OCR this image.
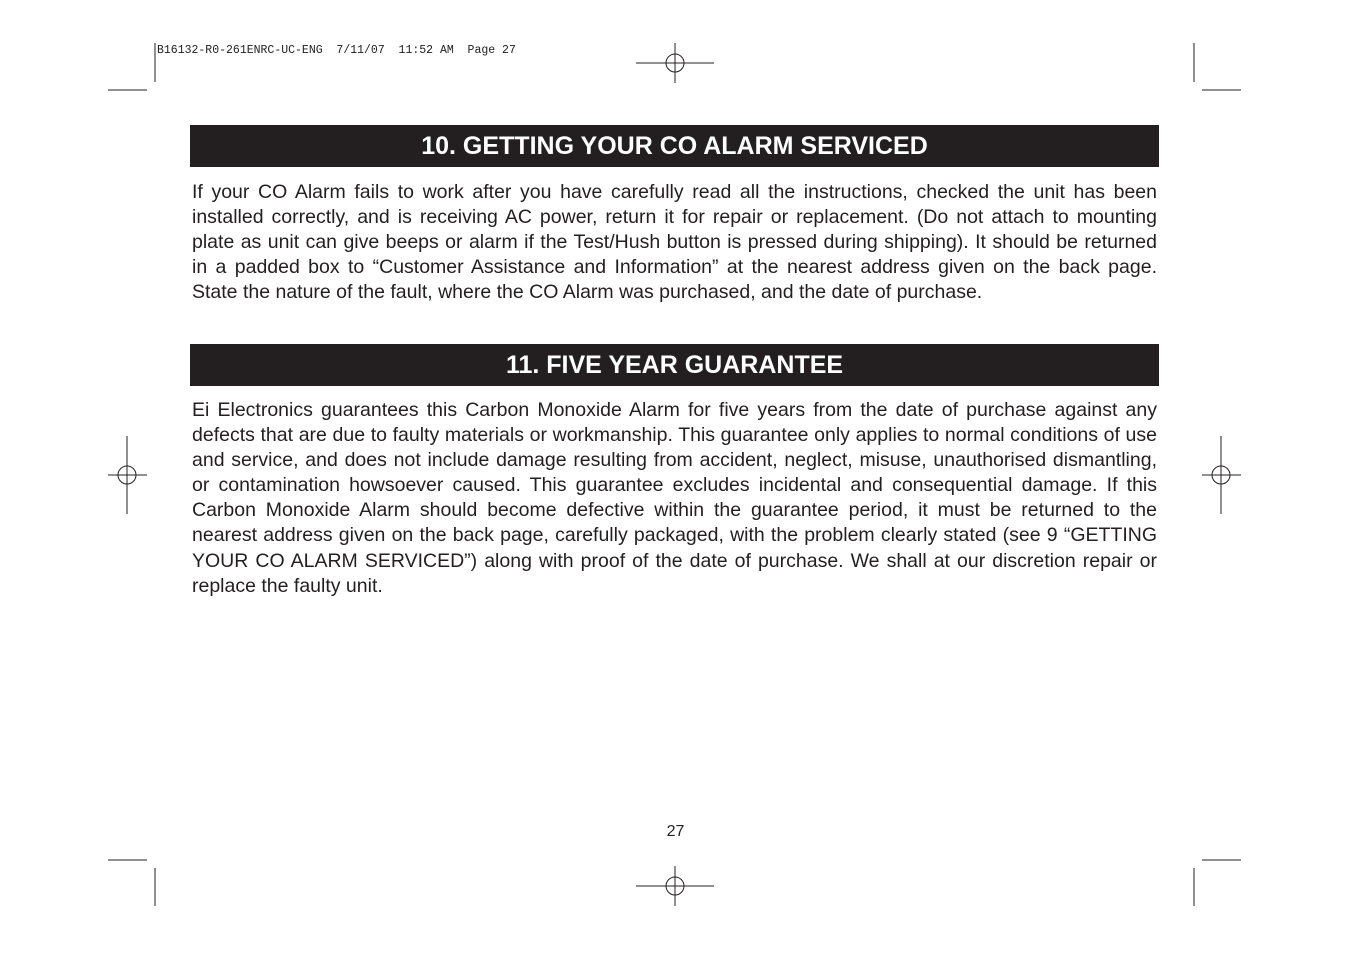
B16132-R0-261ENRC-UC-ENG  7/11/07  11:52 AM  Page 27
10. GETTING YOUR CO ALARM SERVICED

If your CO Alarm fails to work after you have carefully read all the instructions, checked the unit has been installed correctly, and is receiving AC power, return it for repair or replacement. (Do not attach to mounting plate as unit can give beeps or alarm if the Test/Hush button is pressed during shipping). It should be returned in a padded box to “Customer Assistance and Information” at the nearest address given on the back page. State the nature of the fault, where the CO Alarm was purchased, and the date of purchase.

11. FIVE YEAR GUARANTEE

Ei Electronics guarantees this Carbon Monoxide Alarm for five years from the date of purchase against any defects that are due to faulty materials or workmanship. This guarantee only applies to normal conditions of use and service, and does not include damage resulting from accident, neglect, misuse, unauthorised dismantling, or contamination howsoever caused. This guarantee excludes incidental and consequential damage. If this Carbon Monoxide Alarm should become defective within the guarantee period, it must be returned to the nearest address given on the back page, carefully packaged, with the problem clearly stated (see 9 “GETTING YOUR CO ALARM SERVICED”) along with proof of the date of purchase. We shall at our discretion repair or replace the faulty unit.

27
